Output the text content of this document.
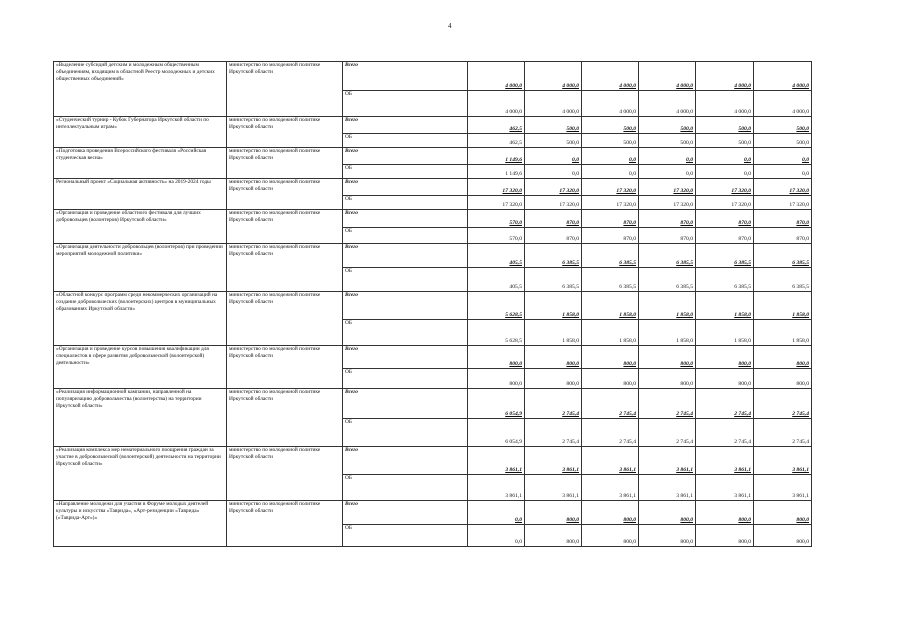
4
«Выделение субсидий детским и молодежным общественным объединениям, входящим в областной Реестр молодежных и детских общественных объединений»	министерство по молодежной политике Иркутской области	Всего	4 000,0	4 000,0	4 000,0	4 000,0	4 000,0	4 000,0
		ОБ	4 000,0	4 000,0	4 000,0	4 000,0	4 000,0	4 000,0
«Студенческий турнир - Кубок Губернатора Иркутской области по интеллектуальным играм»	министерство по молодежной политике Иркутской области	Всего	462,5	500,0	500,0	500,0	500,0	500,0
		ОБ	462,5	500,0	500,0	500,0	500,0	500,0
«Подготовка проведения Всероссийского фестиваля «Российская студенческая весна»	министерство по молодежной политике Иркутской области	Всего	1 149,6	0,0	0,0	0,0	0,0	0,0
		ОБ	1 149,6	0,0	0,0	0,0	0,0	0,0
Региональный проект «Социальная активность» на 2019-2024 годы	министерство по молодежной политике Иркутской области	Всего	17 320,0	17 320,0	17 320,0	17 320,0	17 320,0	17 320,0
		ОБ	17 320,0	17 320,0	17 320,0	17 320,0	17 320,0	17 320,0
«Организация и проведение областного фестиваля для лучших добровольцев (волонтеров) Иркутской области»	министерство по молодежной политике Иркутской области	Всего	570,0	870,0	870,0	870,0	870,0	870,0
		ОБ	570,0	870,0	870,0	870,0	870,0	870,0
«Организация деятельности добровольцев (волонтеров) при проведении мероприятий молодежной политики»	министерство по молодежной политике Иркутской области	Всего	405,5	6 385,5	6 385,5	6 385,5	6 385,5	6 385,5
		ОБ	405,5	6 385,5	6 385,5	6 385,5	6 385,5	6 385,5
«Областной конкурс программ среди некоммерческих организаций на создание добровольческих (волонтерских) центров в муниципальных образованиях Иркутской области»	министерство по молодежной политике Иркутской области	Всего	5 628,5	1 858,0	1 858,0	1 858,0	1 858,0	1 858,0
		ОБ	5 628,5	1 858,0	1 858,0	1 858,0	1 858,0	1 858,0
«Организация и проведение курсов повышения квалификации для специалистов в сфере развития добровольческой (волонтерской) деятельности»	министерство по молодежной политике Иркутской области	Всего	800,0	800,0	800,0	800,0	800,0	800,0
		ОБ	800,0	800,0	800,0	800,0	800,0	800,0
«Реализация информационной кампании, направленной на популяризацию добровольчества (волонтерства) на территории Иркутской области»	министерство по молодежной политике Иркутской области	Всего	6 054,9	2 745,4	2 745,4	2 745,4	2 745,4	2 745,4
		ОБ	6 054,9	2 745,4	2 745,4	2 745,4	2 745,4	2 745,4
«Реализация комплекса мер нематериального поощрения граждан за участие в добровольческой (волонтерской) деятельности на территории Иркутской области»	министерство по молодежной политике Иркутской области	Всего	3 861,1	3 861,1	3 861,1	3 861,1	3 861,1	3 861,1
		ОБ	3 861,1	3 861,1	3 861,1	3 861,1	3 861,1	3 861,1
«Направление молодежи для участия в Форуме молодых деятелей культуры и искусства «Таврида», «Арт-резиденции «Таврида» («Таврида-Арт»)»	министерство по молодежной политике Иркутской области	Всего	0,0	800,0	800,0	800,0	800,0	800,0
		ОБ	0,0	800,0	800,0	800,0	800,0	800,0
